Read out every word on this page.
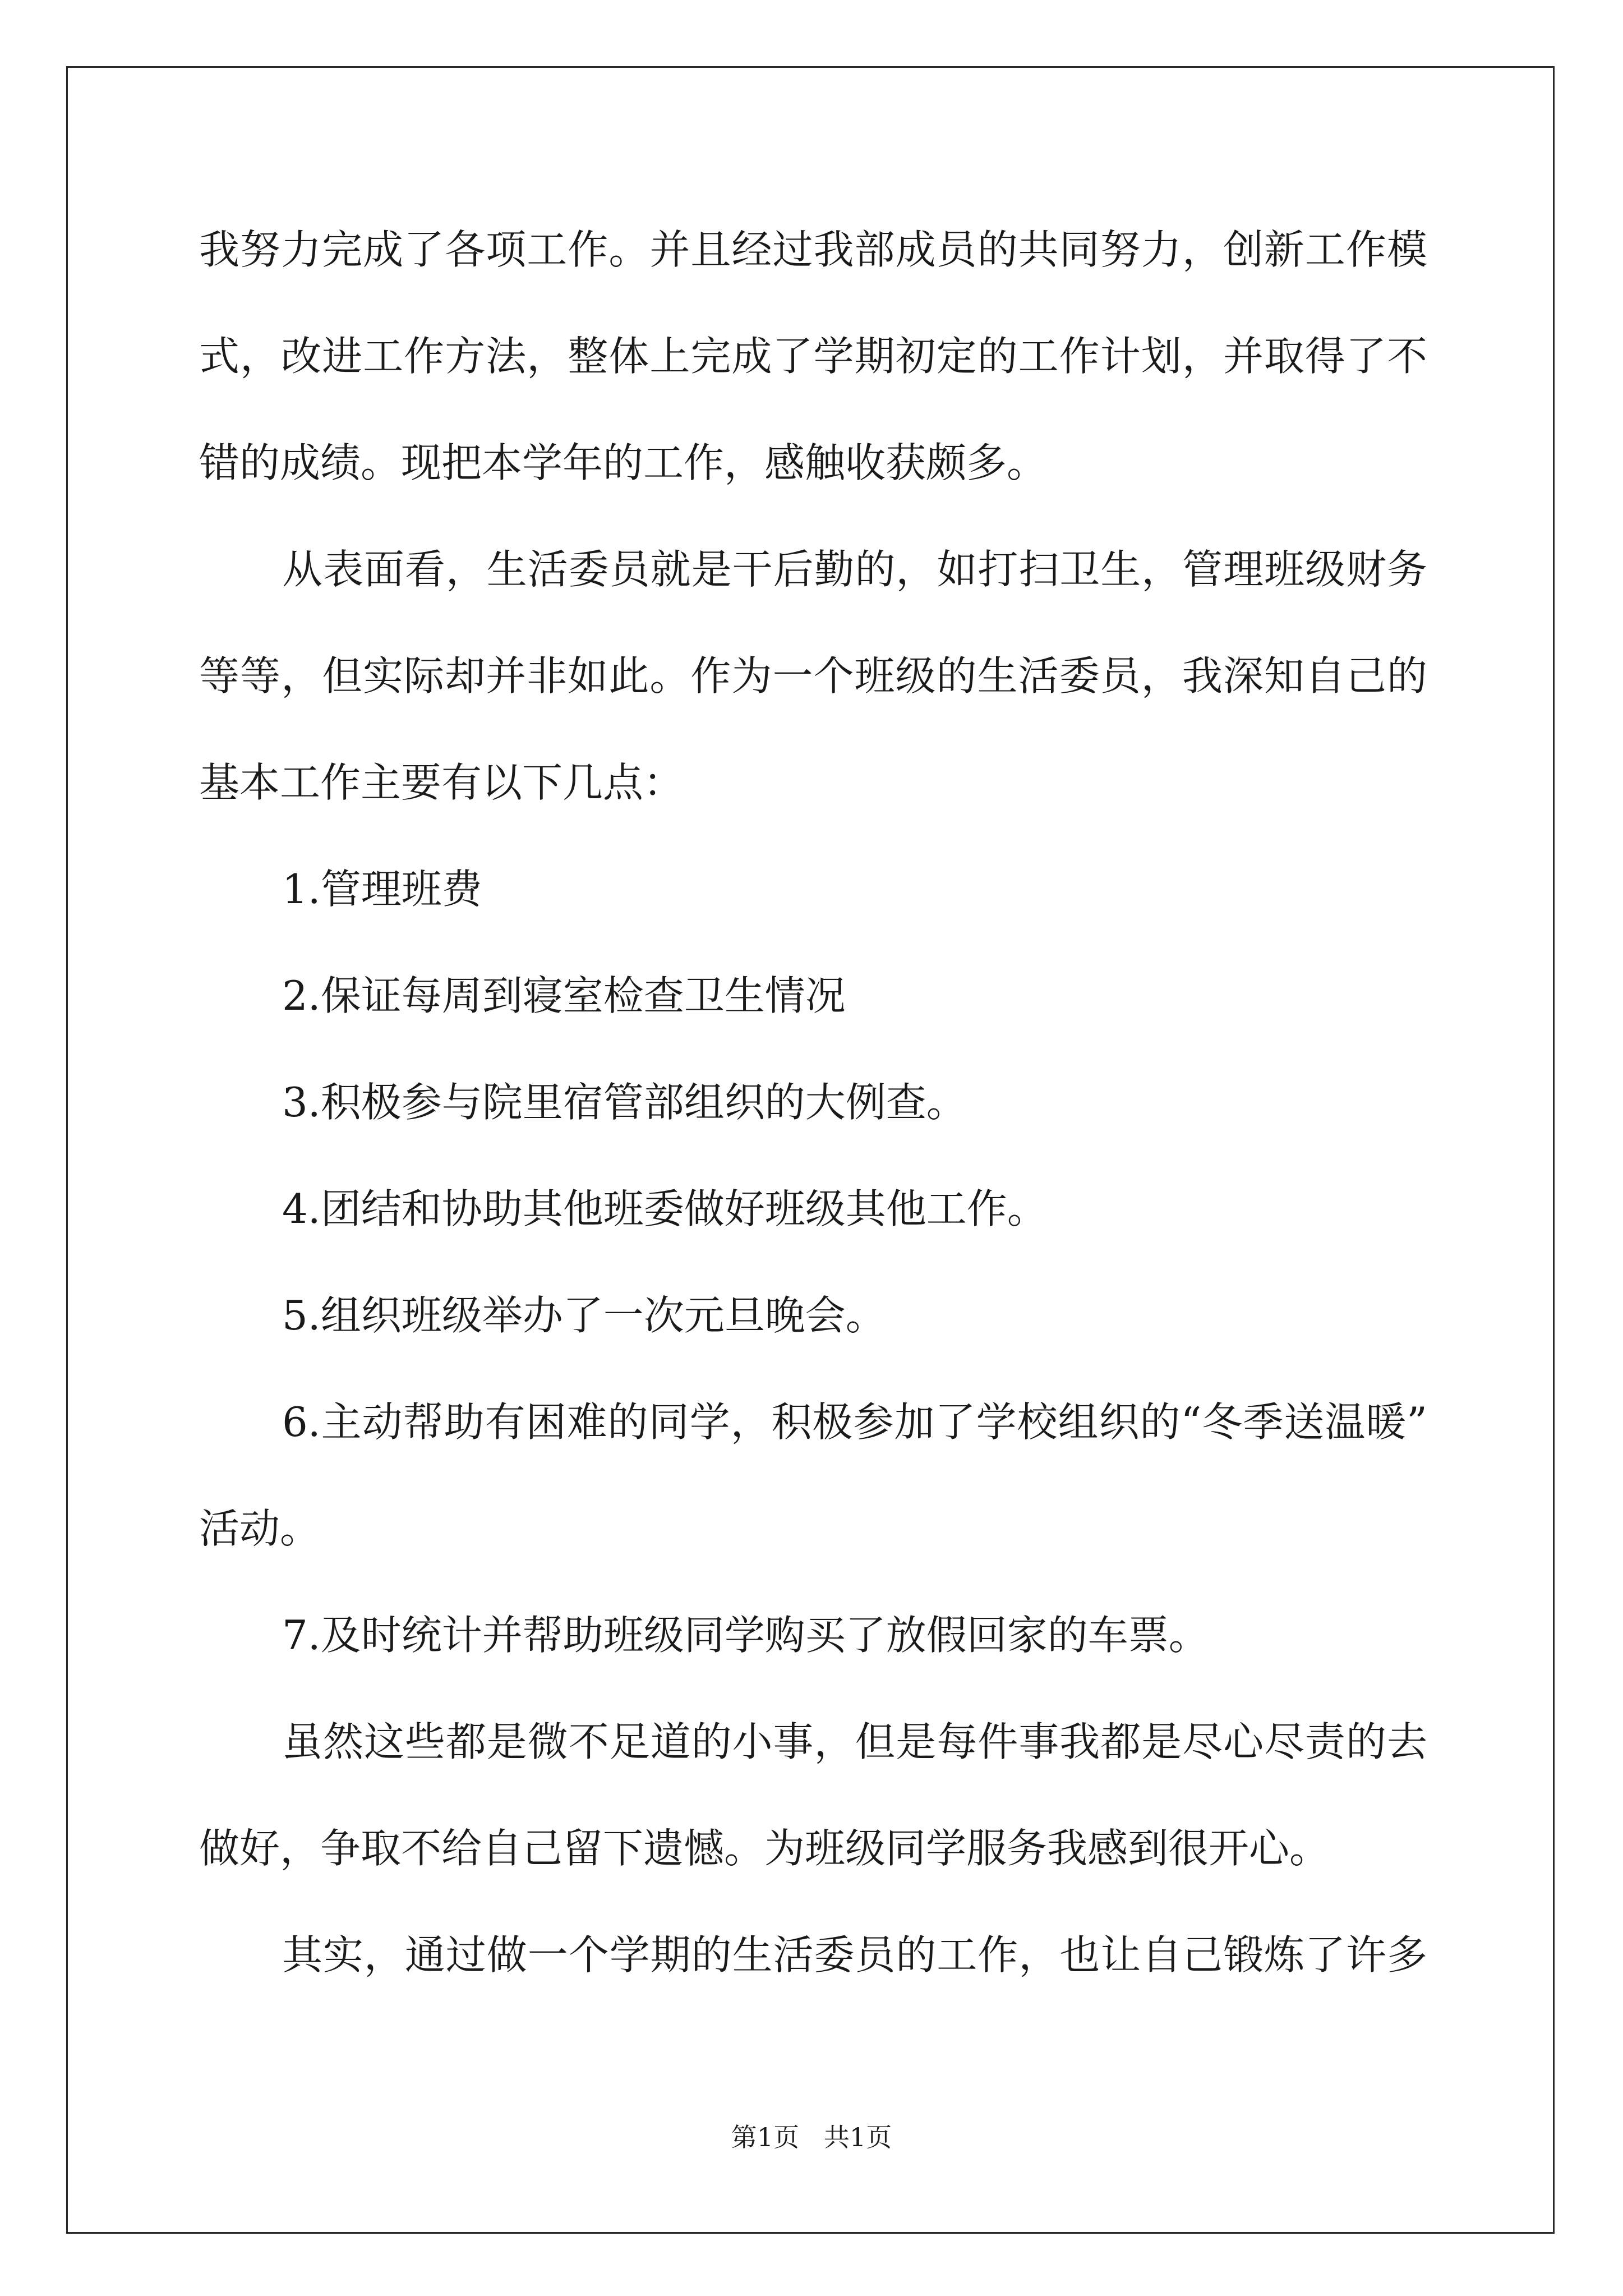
我努力完成了各项工作。并且经过我部成员的共同努力，创新工作模
式，改进工作方法，整体上完成了学期初定的工作计划，并取得了不
错的成绩。现把本学年的工作，感触收获颇多。
从表面看，生活委员就是干后勤的，如打扫卫生，管理班级财务
等等，但实际却并非如此。作为一个班级的生活委员，我深知自己的
基本工作主要有以下几点：
1.管理班费
2.保证每周到寝室检查卫生情况
3.积极参与院里宿管部组织的大例查。
4.团结和协助其他班委做好班级其他工作。
5.组织班级举办了一次元旦晚会。
6.主动帮助有困难的同学，积极参加了学校组织的“冬季送温暖”
活动。
7.及时统计并帮助班级同学购买了放假回家的车票。
虽然这些都是微不足道的小事，但是每件事我都是尽心尽责的去
做好，争取不给自己留下遗憾。为班级同学服务我感到很开心。
其实，通过做一个学期的生活委员的工作，也让自己锻炼了许多
第1页   共1页
